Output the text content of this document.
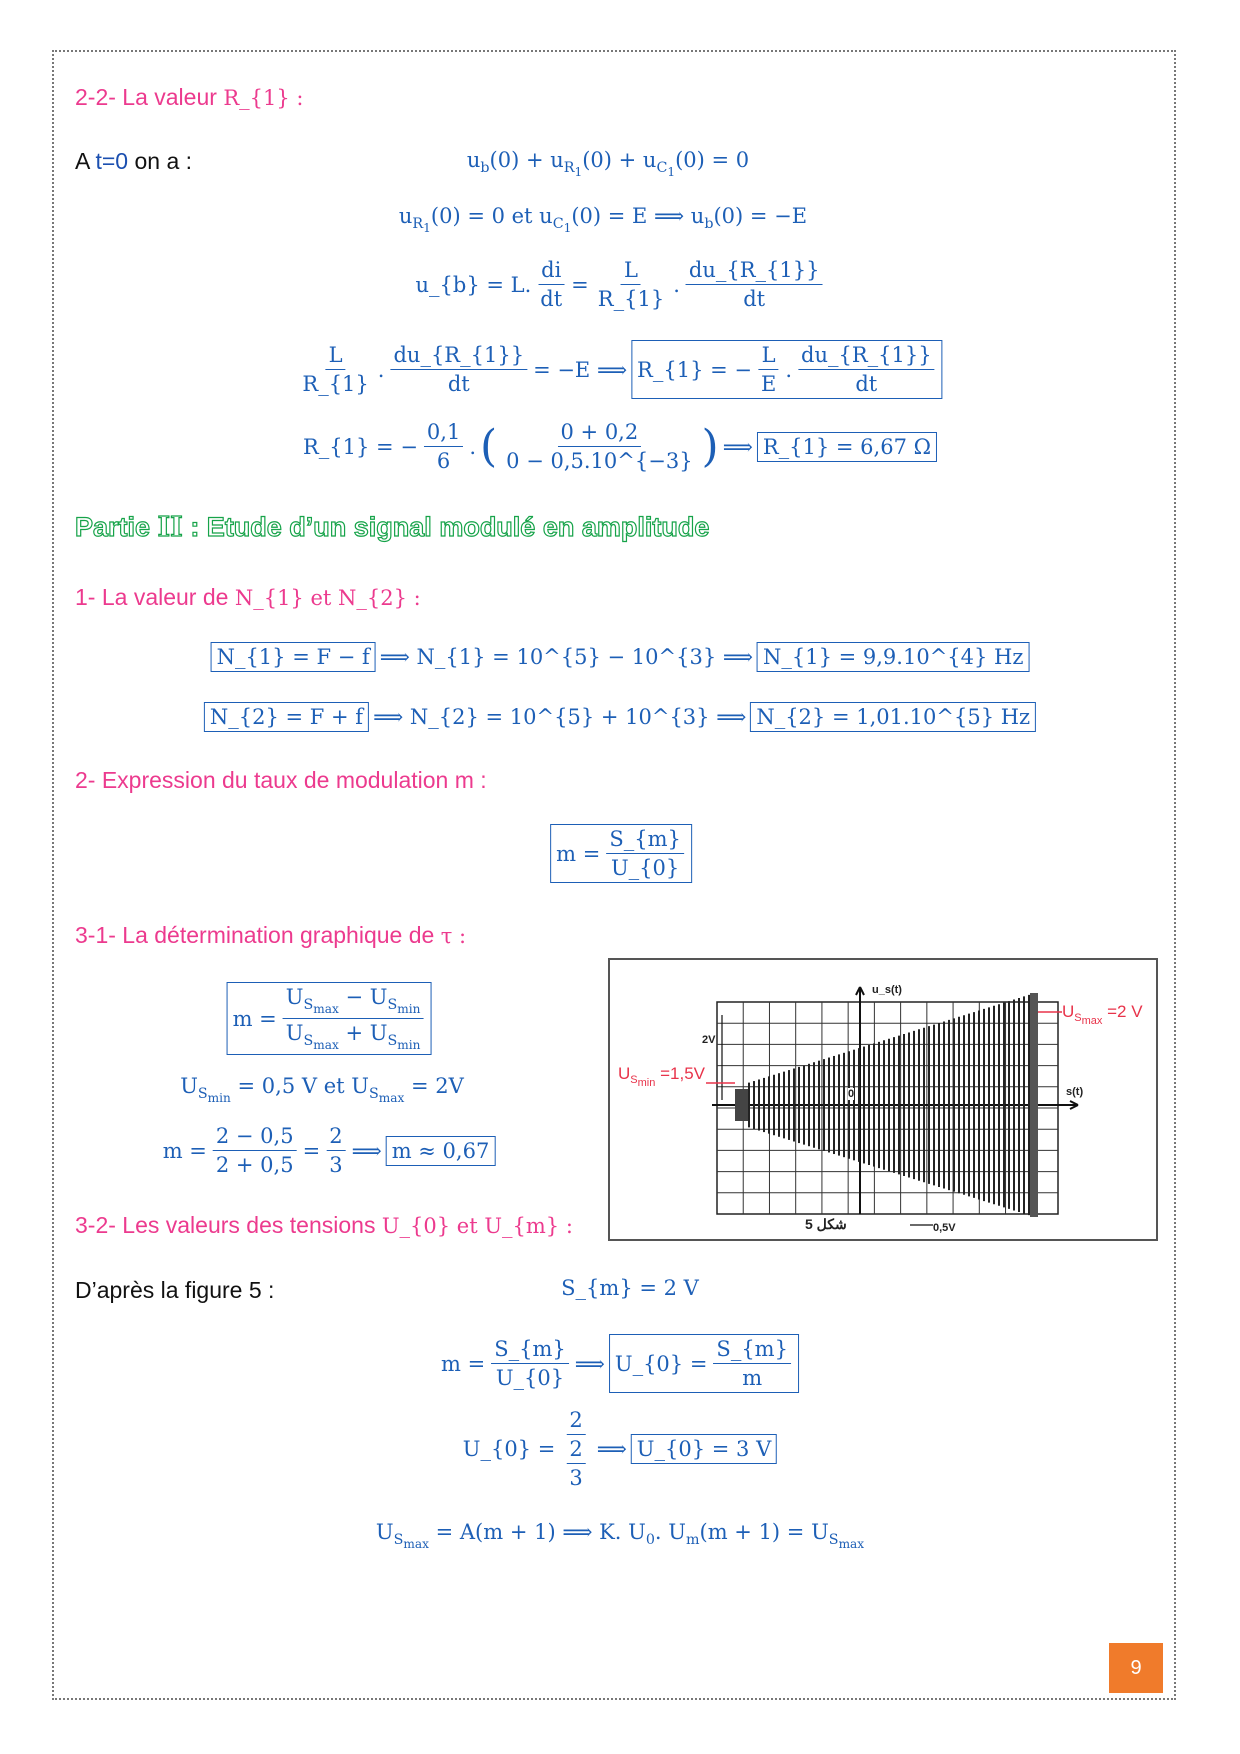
2-2- La valeur R_{1} :
A t=0 on a :	$u_b(0) + u_{R_1}(0) + u_{C_1}(0) = 0$
$u_{R_1}(0) = 0$ et $u_{C_1}(0) = E$ ⟹ $u_b(0) = -E$
u_{b} = L. $\frac{di}{dt} = \frac{L}{R\_\{1\}}$ .
du_{R_{1}}
dt
L
R_{1}
. $\frac{du\_\{R\_\{1\}\}}{dt} = -E$ ⟹ R_{1} = − $\frac{L}{E}$ .
du_{R_{1}}
dt
R_{1} = − $\frac{0,1}{6}$ . (	0 + 0,2
0 − 0,5.10^{−3} ) ⟹ R_{1} = 6,67 Ω
Partie II : Etude d’un signal modulé en amplitude
1- La valeur de N_{1} et N_{2} :
N_{1} = F − f ⟹ N_{1} = 10^{5} − 10^{3} ⟹ N_{1} = 9,9.10^{4} Hz
N_{2} = F + f ⟹ N_{2} = 10^{5} + 10^{3} ⟹ N_{2} = 1,01.10^{5} Hz
2- Expression du taux de modulation m :
$m = \frac{S\_\{m\}}{U\_\{0\}}$
3-1- La détermination graphique de τ :
m =
$U_{S_{max}} - U_{S_{min}}$
$U_{S_{max}} + U_{S_{min}}$
$U_{S_{min}} = 0,5$ V et $U_{S_{max}} = 2V$
$m = \frac{2 - 0,5}{2 + 0,5} = \frac{2}{3}$ ⟹ m ≈ 0,67
u_s(t)
s(t)
2V
0
0,5V
شكل 5
$U_{S_{max}} =2$ V
$U_{S_{min}} =1,5V$
3-2- Les valeurs des tensions U_{0} et U_{m} :
D’après la figure 5 :	S_{m} = 2 V
$m = \frac{S\_\{m\}}{U\_\{0\}}$ ⟹ U_{0} = $\frac{S\_\{m\}}{m}$
U_{0} = $\frac{2}{\frac{2}{3}}$ ⟹ U_{0} = 3 V
$U_{S_{max}} = A(m + 1)$ ⟹ K. $U_0$. $U_m(m + 1) = U_{S_{max}}$
9
